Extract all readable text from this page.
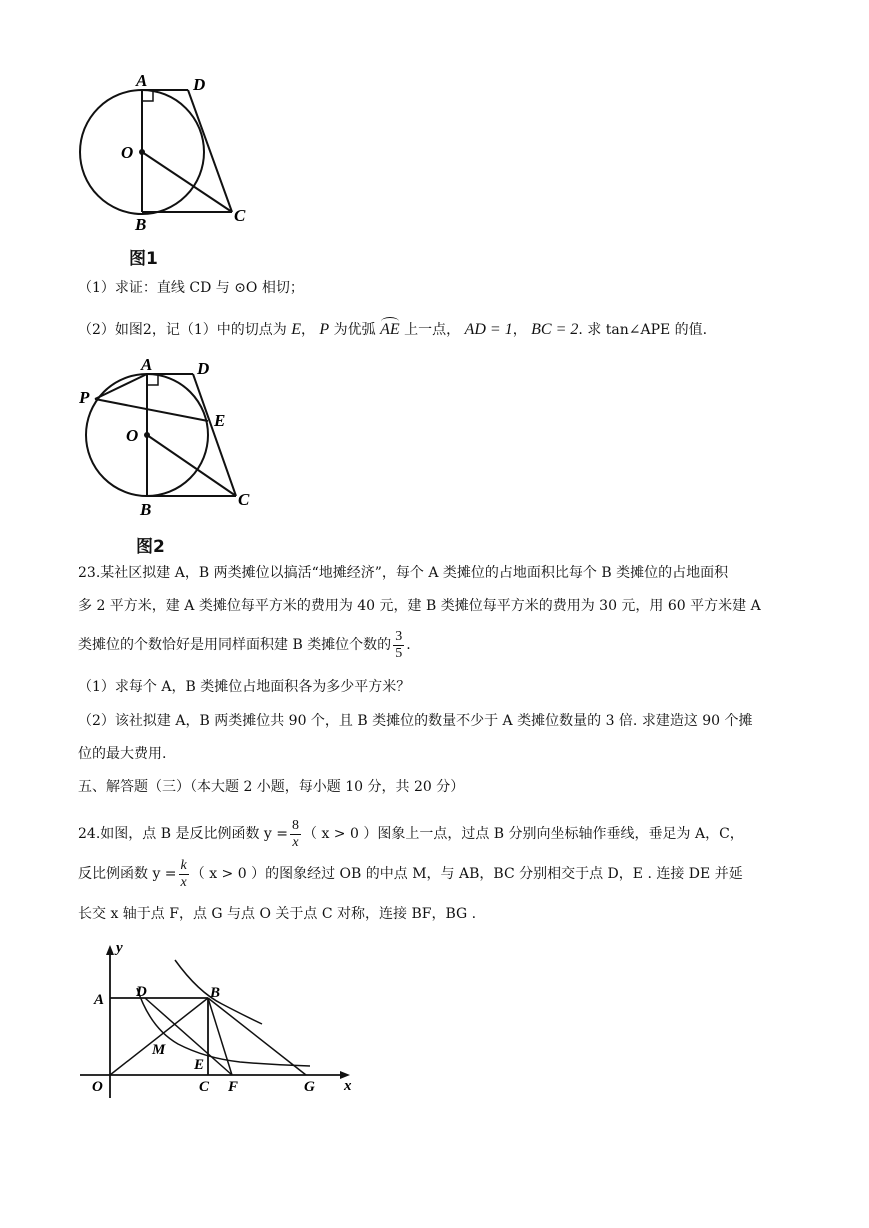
A	D
O
B	C
图1
（1）求证：直线 CD 与 ⊙O 相切；
（2）如图2，记（1）中的切点为 E， P 为优弧 AE 上一点， AD = 1， BC = 2. 求 tan∠APE 的值.
A	D
P
E
O
B
C
图2
23.某社区拟建 A，B 两类摊位以搞活“地摊经济”，每个 A 类摊位的占地面积比每个 B 类摊位的占地面积
多 2 平方米，建 A 类摊位每平方米的费用为 40 元，建 B 类摊位每平方米的费用为 30 元，用 60 平方米建 A
类摊位的个数恰好是用同样面积建 B 类摊位个数的 $\frac{3}{5}$ .
（1）求每个 A，B 类摊位占地面积各为多少平方米？
（2）该社拟建 A，B 两类摊位共 90 个，且 B 类摊位的数量不少于 A 类摊位数量的 3 倍. 求建造这 90 个摊
位的最大费用.
五、解答题（三）（本大题 2 小题，每小题 10 分，共 20 分）
24.如图，点 B 是反比例函数 $y = \frac{8}{x}$ （ x > 0 ）图象上一点，过点 B 分别向坐标轴作垂线，垂足为 A，C，
反比例函数 $y = \frac{k}{x}$ （ x > 0 ）的图象经过 OB 的中点 M，与 AB，BC 分别相交于点 D，E . 连接 DE 并延
长交 x 轴于点 F，点 G 与点 O 关于点 C 对称，连接 BF，BG .
y
x
A D	B
M
E
O	C F	G
